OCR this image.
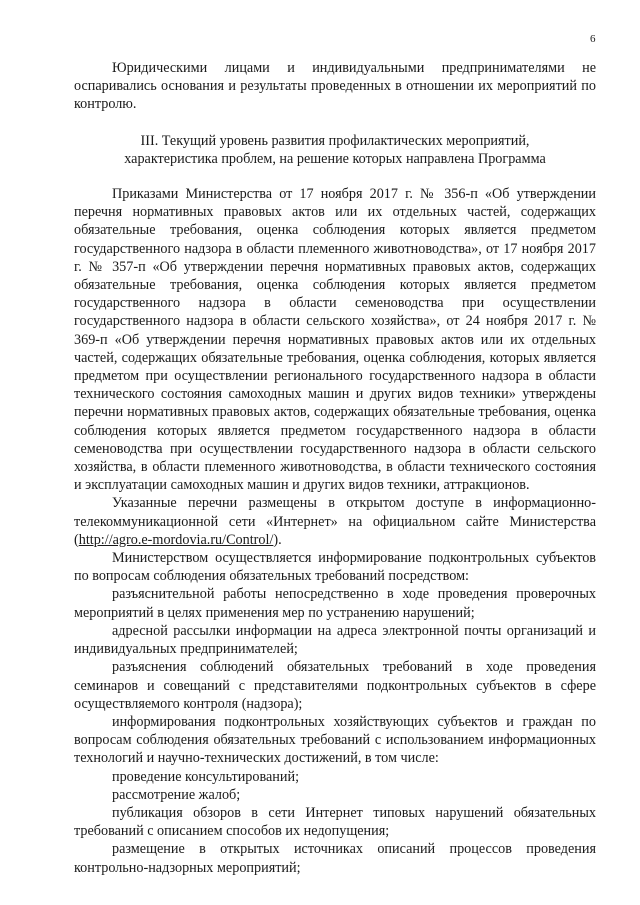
6

Юридическими лицами и индивидуальными предпринимателями не оспаривались основания и результаты проведенных в отношении их мероприятий по контролю.

III. Текущий уровень развития профилактических мероприятий,

характеристика проблем, на решение которых направлена Программа

Приказами Министерства от 17 ноября 2017 г. № 356-п «Об утверждении перечня нормативных правовых актов или их отдельных частей, содержащих обязательные требования, оценка соблюдения которых является предметом государственного надзора в области племенного животноводства», от 17 ноября 2017 г. № 357-п «Об утверждении перечня нормативных правовых актов, содержащих обязательные требования, оценка соблюдения которых является предметом государственного надзора в области семеноводства при осуществлении государственного надзора в области сельского хозяйства», от 24 ноября 2017 г. № 369-п «Об утверждении перечня нормативных правовых актов или их отдельных частей, содержащих обязательные требования, оценка соблюдения, которых является предметом при осуществлении регионального государственного надзора в области технического состояния самоходных машин и других видов техники» утверждены перечни нормативных правовых актов, содержащих обязательные требования, оценка соблюдения которых является предметом государственного надзора в области семеноводства при осуществлении государственного надзора в области сельского хозяйства, в области племенного животноводства, в области технического состояния и эксплуатации самоходных машин и других видов техники, аттракционов.

Указанные перечни размещены в открытом доступе в информационно-телекоммуникационной сети «Интернет» на официальном сайте Министерства (http://agro.e-mordovia.ru/Control/).

Министерством осуществляется информирование подконтрольных субъектов по вопросам соблюдения обязательных требований посредством:

разъяснительной работы непосредственно в ходе проведения проверочных мероприятий в целях применения мер по устранению нарушений;

адресной рассылки информации на адреса электронной почты организаций и индивидуальных предпринимателей;

разъяснения соблюдений обязательных требований в ходе проведения семинаров и совещаний с представителями подконтрольных субъектов в сфере осуществляемого контроля (надзора);

информирования подконтрольных хозяйствующих субъектов и граждан по вопросам соблюдения обязательных требований с использованием информационных технологий и научно-технических достижений, в том числе:

проведение консультирований;

рассмотрение жалоб;

публикация обзоров в сети Интернет типовых нарушений обязательных требований с описанием способов их недопущения;

размещение в открытых источниках описаний процессов проведения контрольно-надзорных мероприятий;
